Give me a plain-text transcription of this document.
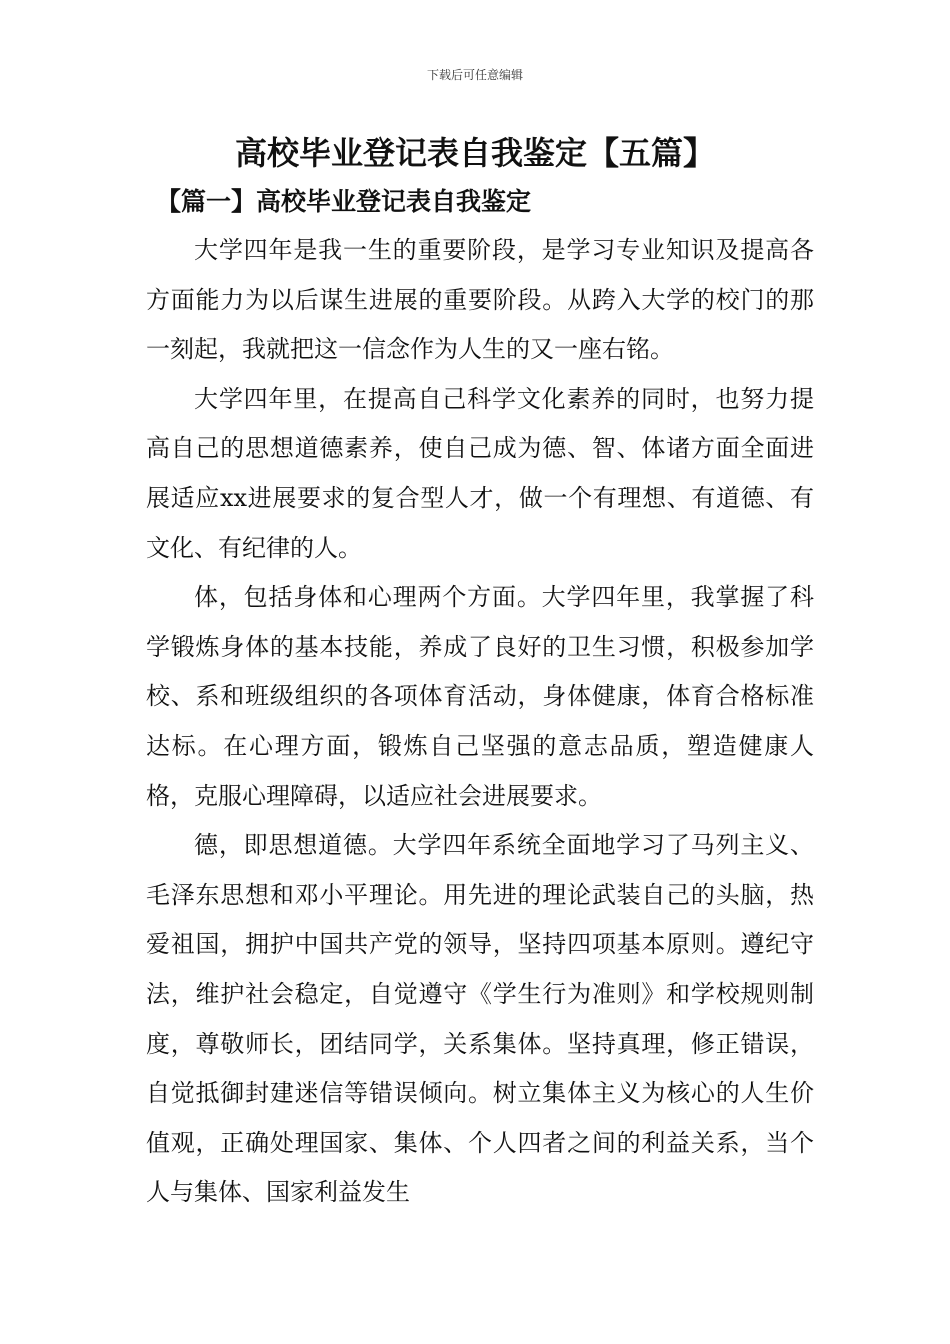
下载后可任意编辑
高校毕业登记表自我鉴定【五篇】
【篇一】高校毕业登记表自我鉴定

大学四年是我一生的重要阶段，是学习专业知识及提高各方面能力为以后谋生进展的重要阶段。从跨入大学的校门的那一刻起，我就把这一信念作为人生的又一座右铭。

大学四年里，在提高自己科学文化素养的同时，也努力提高自己的思想道德素养，使自己成为德、智、体诸方面全面进展适应xx进展要求的复合型人才，做一个有理想、有道德、有文化、有纪律的人。

体，包括身体和心理两个方面。大学四年里，我掌握了科学锻炼身体的基本技能，养成了良好的卫生习惯，积极参加学校、系和班级组织的各项体育活动，身体健康，体育合格标准达标。在心理方面，锻炼自己坚强的意志品质，塑造健康人格，克服心理障碍，以适应社会进展要求。

德，即思想道德。大学四年系统全面地学习了马列主义、毛泽东思想和邓小平理论。用先进的理论武装自己的头脑，热爱祖国，拥护中国共产党的领导，坚持四项基本原则。遵纪守法，维护社会稳定，自觉遵守《学生行为准则》和学校规则制度，尊敬师长，团结同学，关系集体。坚持真理，修正错误，自觉抵御封建迷信等错误倾向。树立集体主义为核心的人生价值观，正确处理国家、集体、个人四者之间的利益关系，当个人与集体、国家利益发生
